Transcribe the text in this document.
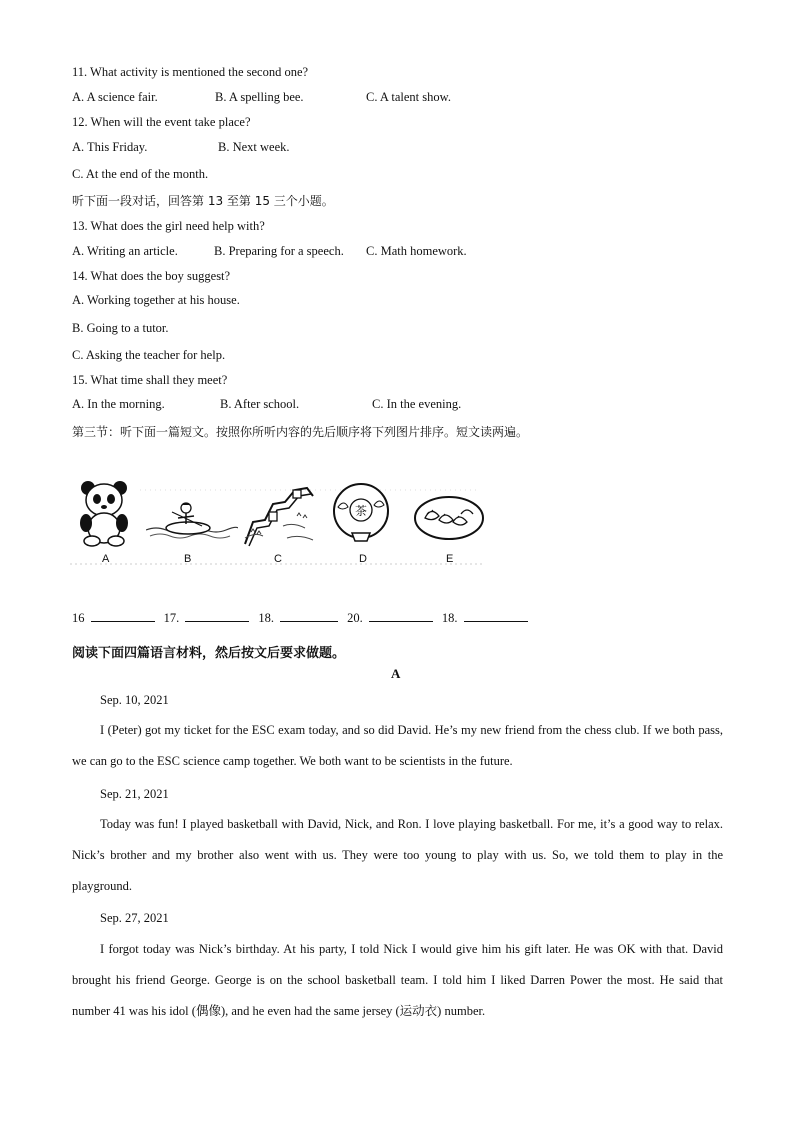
11. What activity is mentioned the second one?
A. A science fair.	B. A spelling bee.	C. A talent show.
12. When will the event take place?
A. This Friday.	B. Next week.
C. At the end of the month.
听下面一段对话，回答第 13 至第 15 三个小题。
13. What does the girl need help with?
A. Writing an article.	B. Preparing for a speech. C. Math homework.
14. What does the boy suggest?
A. Working together at his house.
B. Going to a tutor.
C. Asking the teacher for help.
15. What time shall they meet?
A. In the morning.	B. After school.	C. In the evening.
第三节：听下面一篇短文。按照你所听内容的先后顺序将下列图片排序。短文读两遍。
茶
A	B	C	D	E
16	17.	18.	20.	18.
阅读下面四篇语言材料，然后按文后要求做题。
A
Sep. 10, 2021
I (Peter) got my ticket for the ESC exam today, and so did David. He’s my new friend from the chess club. If we both pass, we can go to the ESC science camp together. We both want to be scientists in the future.
Sep. 21, 2021
Today was fun! I played basketball with David, Nick, and Ron. I love playing basketball. For me, it’s a good way to relax. Nick’s brother and my brother also went with us. They were too young to play with us. So, we told them to play in the playground.
Sep. 27, 2021
I forgot today was Nick’s birthday. At his party, I told Nick I would give him his gift later. He was OK with that. David brought his friend George. George is on the school basketball team. I told him I liked Darren Power the most. He said that number 41 was his idol (偶像), and he even had the same jersey (运动衣) number.
